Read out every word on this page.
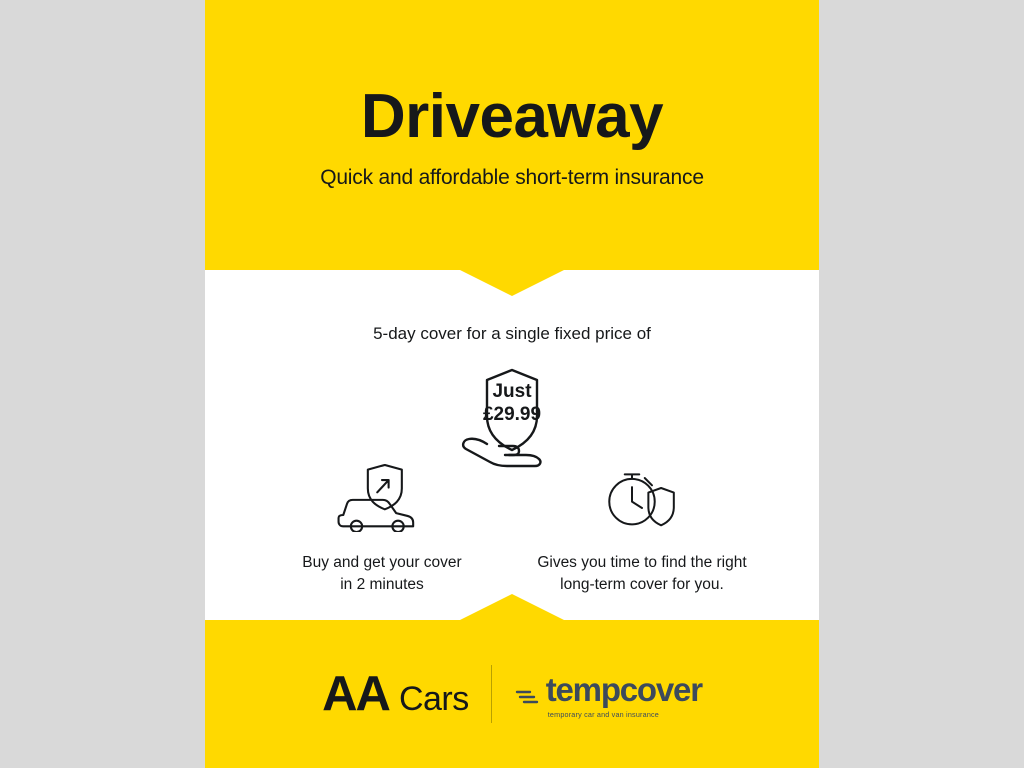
Driveaway
Quick and affordable short-term insurance
5-day cover for a single fixed price of
Just
£29.99
Buy and get your cover
in 2 minutes
Gives you time to find the right
long-term cover for you.
AA Cars tempcover
temporary car and van insurance
